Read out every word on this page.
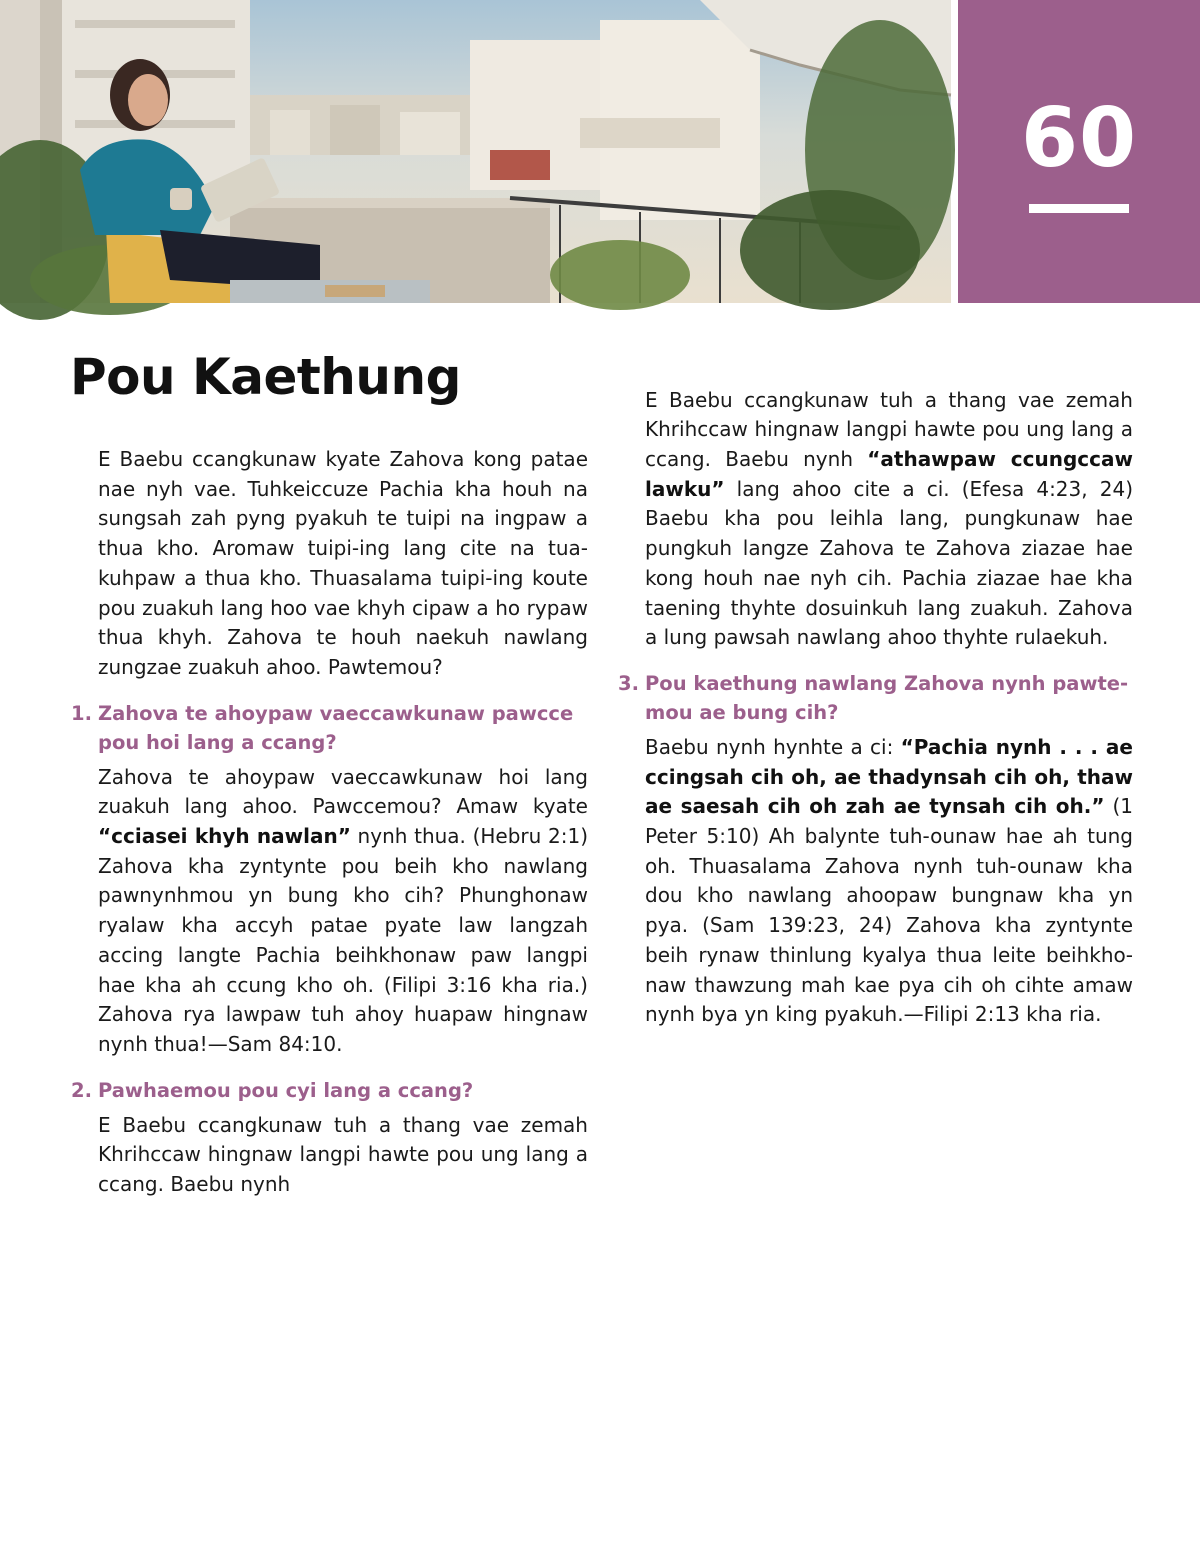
60
Pou Kaethung

E Baebu ccangkunaw kyate Zahova kong patae nae nyh vae. Tuhkeiccuze Pachia kha houh na sungsah zah pyng pyakuh te tuipi na ingpaw a thua kho. Aromaw tuipi-ing lang cite na tuakuhpaw a thua kho. Thuasalama tuipi-ing koute pou zuakuh lang hoo vae khyh cipaw a ho rypaw thua khyh. Zahova te houh naekuh nawlang zungzae zuakuh ahoo. Pawtemou?

1. Zahova te ahoypaw vaeccawkunaw pawcce pou hoi lang a ccang?

Zahova te ahoypaw vaeccawkunaw hoi lang zuakuh lang ahoo. Pawccemou? Amaw kyate “cciasei khyh nawlan” nynh thua. (Hebru 2:1) Zahova kha zyntynte pou beih kho nawlang pawnynhmou yn bung kho cih? Phunghonaw ryalaw kha accyh patae pyate law langzah accing langte Pachia beihkhonaw paw langpi hae kha ah ccung kho oh. (Filipi 3:16 kha ria.) Zahova rya lawpaw tuh ahoy huapaw hingnaw nynh thua!—Sam 84:10.

2. Pawhaemou pou cyi lang a ccang?

E Baebu ccangkunaw tuh a thang vae zemah Khrihccaw hingnaw langpi hawte pou ung lang a ccang. Baebu nynh

E Baebu ccangkunaw tuh a thang vae zemah Khrihccaw hingnaw langpi hawte pou ung lang a ccang. Baebu nynh “athawpaw ccungccaw lawku” lang ahoo cite a ci. (Efesa 4:23, 24) Baebu kha pou leihla lang, pungkunaw hae pungkuh langze Zahova te Zahova ziazae hae kong houh nae nyh cih. Pachia ziazae hae kha taening thyhte dosuinkuh lang zuakuh. Zahova a lung pawsah nawlang ahoo thyhte rulaekuh.

3. Pou kaethung nawlang Zahova nynh pawtemou ae bung cih?

Baebu nynh hynhte a ci: “Pachia nynh . . . ae ccingsah cih oh, ae thadynsah cih oh, thaw ae saesah cih oh zah ae tynsah cih oh.” (1 Peter 5:10) Ah balynte tuh-ounaw hae ah tung oh. Thuasalama Zahova nynh tuh-ounaw kha dou kho nawlang ahoopaw bungnaw kha yn pya. (Sam 139:23, 24) Zahova kha zyntynte beih rynaw thinlung kyalya thua leite beihkhonaw thawzung mah kae pya cih oh cihte amaw nynh bya yn king pyakuh.—Filipi 2:13 kha ria.
